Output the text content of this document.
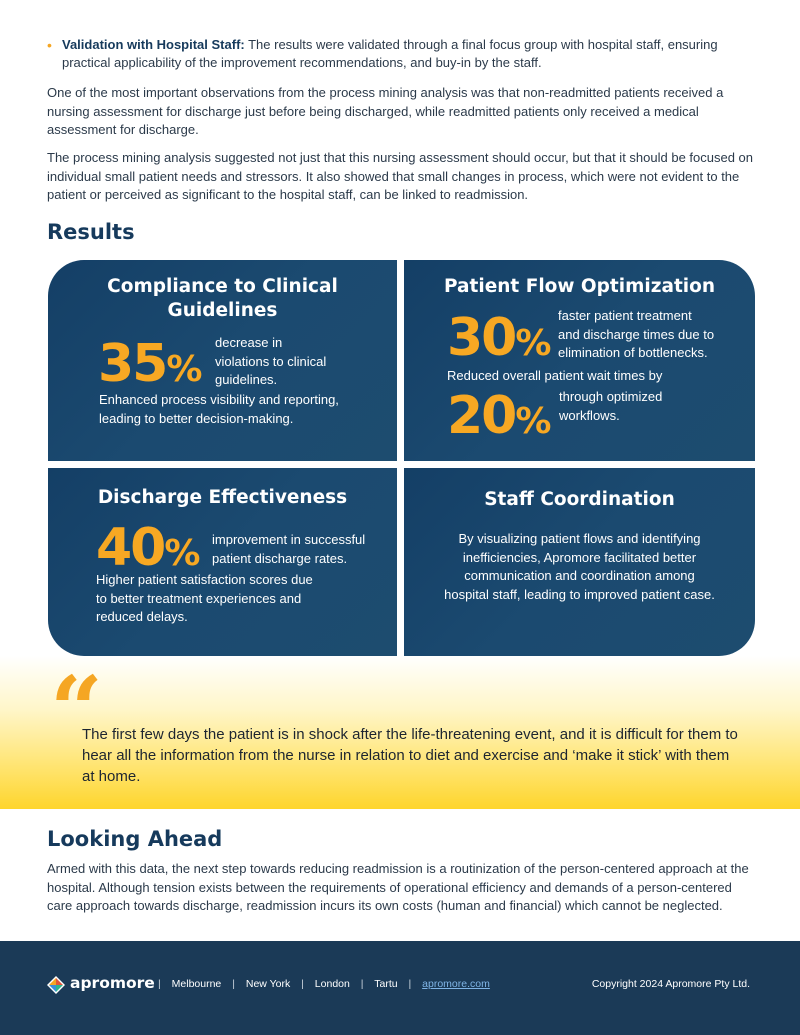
• Validation with Hospital Staff: The results were validated through a final focus group with hospital staff, ensuring practical applicability of the improvement recommendations, and buy-in by the staff.

One of the most important observations from the process mining analysis was that non-readmitted patients received a nursing assessment for discharge just before being discharged, while readmitted patients only received a medical assessment for discharge.

The process mining analysis suggested not just that this nursing assessment should occur, but that it should be focused on individual small patient needs and stressors. It also showed that small changes in process, which were not evident to the patient or perceived as significant to the hospital staff, can be linked to readmission.

Results
Compliance to Clinical
Guidelines
35%
decrease in
violations to clinical
guidelines.
Enhanced process visibility and reporting,
leading to better decision-making.
Patient Flow Optimization
30%
faster patient treatment
and discharge times due to
elimination of bottlenecks.
Reduced overall patient wait times by
20%
through optimized
workflows.
Discharge Effectiveness
40% improvement in successful
patient discharge rates.
Higher patient satisfaction scores due
to better treatment experiences and
reduced delays.
Staff Coordination
By visualizing patient flows and identifying
inefficiencies, Apromore facilitated better
communication and coordination among
hospital staff, leading to improved patient case.
“
The first few days the patient is in shock after the life-threatening event, and it is difficult for them to hear all the information from the nurse in relation to diet and exercise and ‘make it stick’ with them at home.
Looking Ahead

Armed with this data, the next step towards reducing readmission is a routinization of the person-centered approach at the hospital. Although tension exists between the requirements of operational efficiency and demands of a person-centered care approach towards discharge, readmission incurs its own costs (human and financial) which cannot be neglected.

apromore | Melbourne | New York | London | Tartu | apromore.com	Copyright 2024 Apromore Pty Ltd.
